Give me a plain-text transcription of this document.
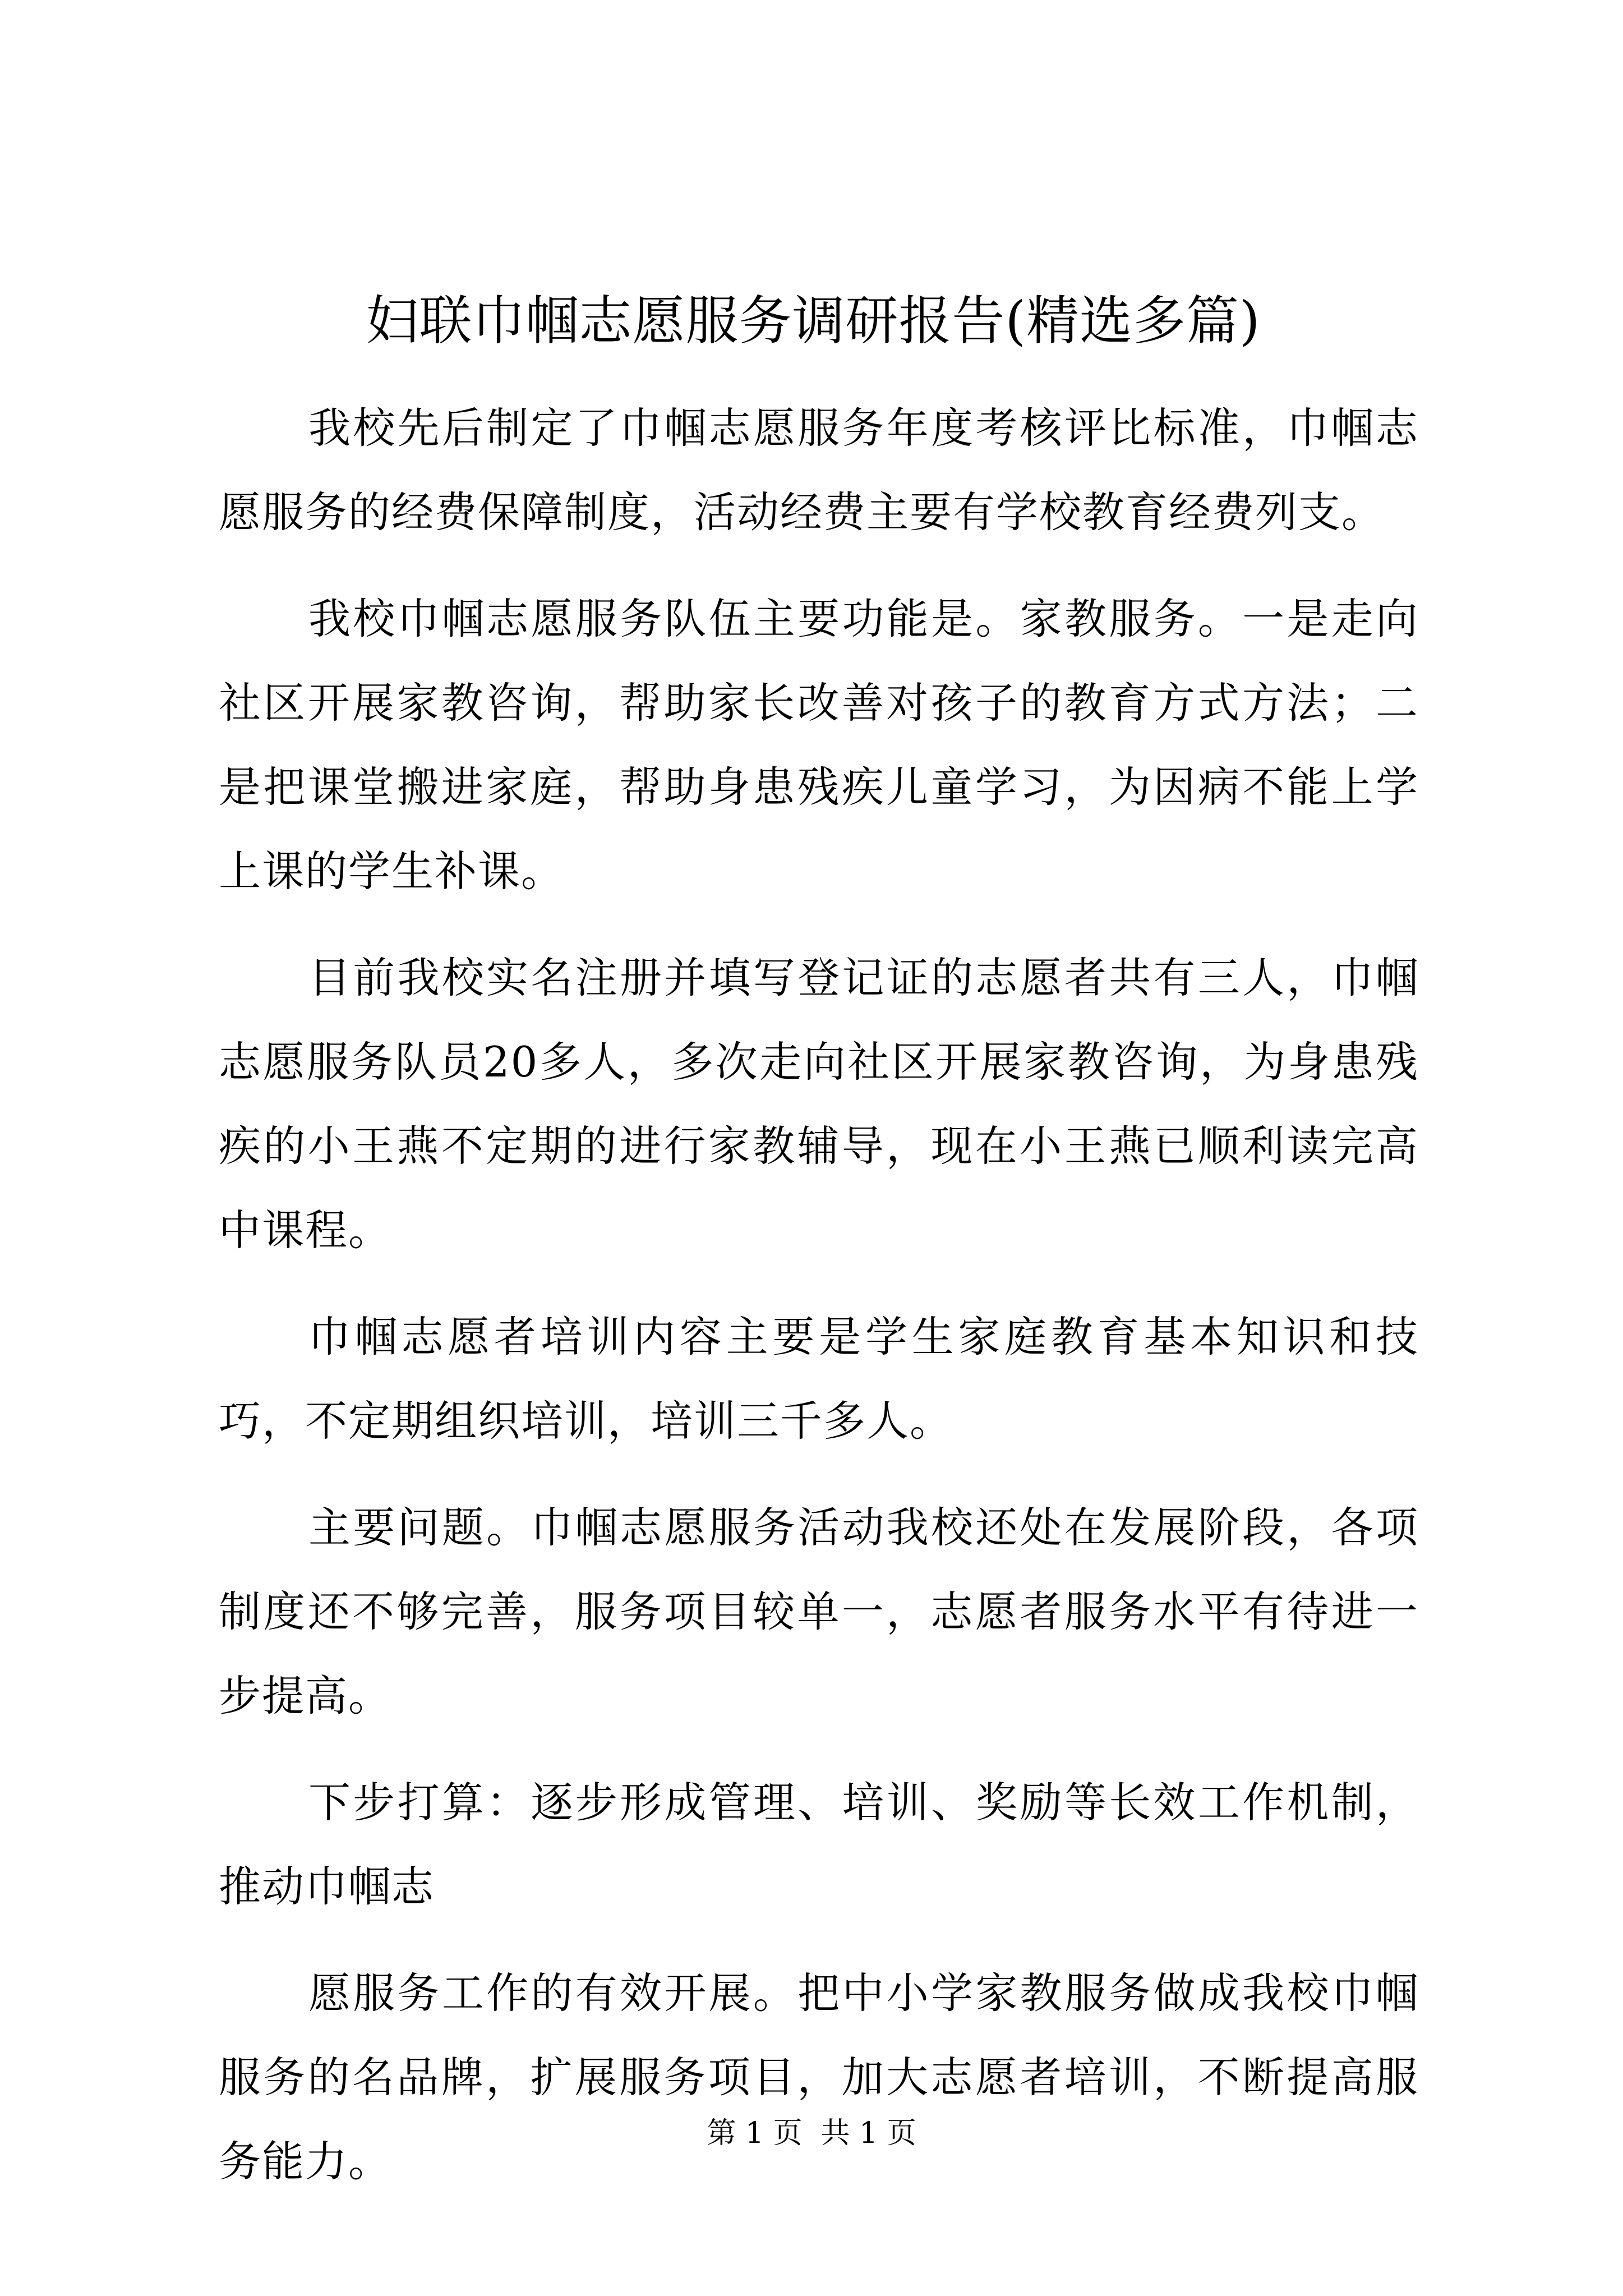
妇联巾帼志愿服务调研报告(精选多篇)

我校先后制定了巾帼志愿服务年度考核评比标准，巾帼志愿服务的经费保障制度，活动经费主要有学校教育经费列支。

我校巾帼志愿服务队伍主要功能是。家教服务。一是走向社区开展家教咨询，帮助家长改善对孩子的教育方式方法；二是把课堂搬进家庭，帮助身患残疾儿童学习，为因病不能上学上课的学生补课。

目前我校实名注册并填写登记证的志愿者共有三人，巾帼志愿服务队员20多人，多次走向社区开展家教咨询，为身患残疾的小王燕不定期的进行家教辅导，现在小王燕已顺利读完高中课程。

巾帼志愿者培训内容主要是学生家庭教育基本知识和技巧，不定期组织培训，培训三千多人。

主要问题。巾帼志愿服务活动我校还处在发展阶段，各项制度还不够完善，服务项目较单一，志愿者服务水平有待进一步提高。

下步打算：逐步形成管理、培训、奖励等长效工作机制，推动巾帼志

愿服务工作的有效开展。把中小学家教服务做成我校巾帼服务的名品牌，扩展服务项目，加大志愿者培训，不断提高服务能力。

第 1 页  共 1 页
